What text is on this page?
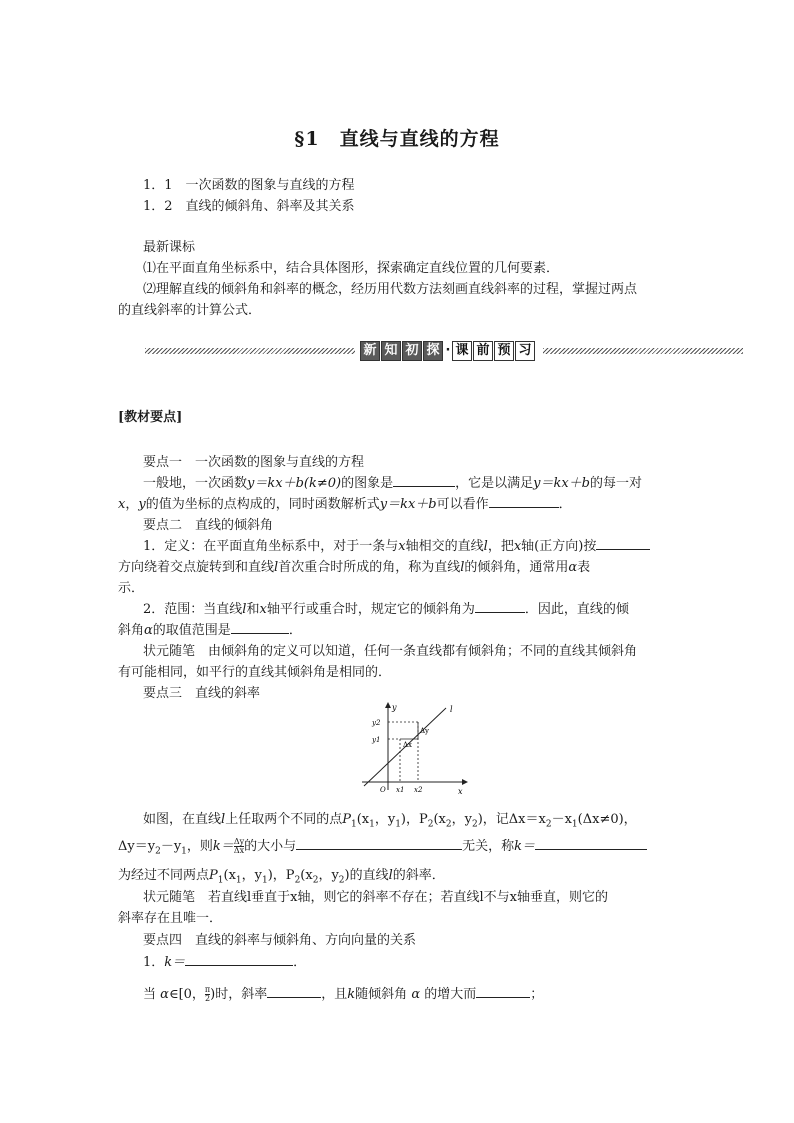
§1　直线与直线的方程
1．1　一次函数的图象与直线的方程
1．2　直线的倾斜角、斜率及其关系
最新课标
⑴在平面直角坐标系中，结合具体图形，探索确定直线位置的几何要素．
⑵理解直线的倾斜角和斜率的概念，经历用代数方法刻画直线斜率的过程，掌握过两点
的直线斜率的计算公式．
新 知 初 探 · 课 前 预 习
[教材要点]
要点一　一次函数的图象与直线的方程
一般地，一次函数y＝kx＋b(k≠0)的图象是	，它是以满足y＝kx＋b的每一对
x，y的值为坐标的点构成的，同时函数解析式y＝kx＋b可以看作	．
要点二　直线的倾斜角
1．定义：在平面直角坐标系中，对于一条与x轴相交的直线l，把x轴(正方向)按
方向绕着交点旋转到和直线l首次重合时所成的角，称为直线l的倾斜角，通常用α表
示．
2．范围：当直线l和x轴平行或重合时，规定它的倾斜角为	．因此，直线的倾
斜角α的取值范围是	．
状元随笔　由倾斜角的定义可以知道，任何一条直线都有倾斜角；不同的直线其倾斜角
有可能相同，如平行的直线其倾斜角是相同的．
要点三　直线的斜率
y
x
l
y2
y1
x1 x2
O
Δy
Δx
如图，在直线l上任取两个不同的点$P_1(x_1$，$y_1$)，$P_2(x_2$，$y_2$)，记$\Delta x=x_2-x_1(\Delta x\ne 0)$，
$\Delta y=y_2-y_1$，则$k= \frac{\Delta y}{\Delta x}$ 的大小与	无关，称k＝
为经过不同两点$P_1(x_1$，$y_1$)，$P_2(x_2$，$y_2$)的直线l的斜率．
状元随笔　若直线l垂直于x轴，则它的斜率不存在；若直线l不与x轴垂直，则它的
斜率存在且唯一．
要点四　直线的斜率与倾斜角、方向向量的关系
1．k＝	．
当 α∈[0， $\frac{\pi}{2}$ )时，斜率	，且k随倾斜角 α 的增大而	；
